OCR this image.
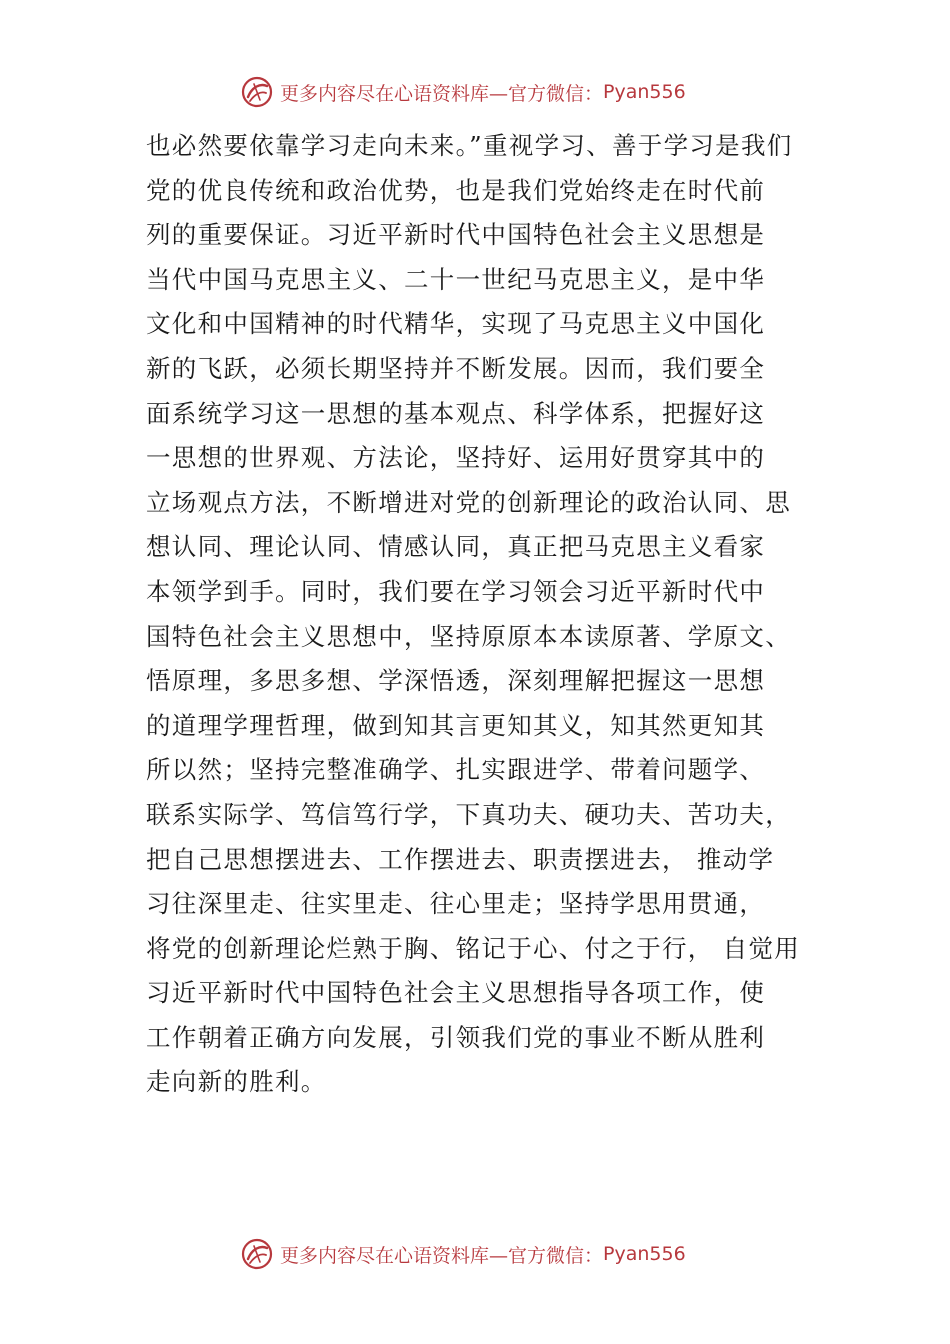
更多内容尽在心语资料库—官方微信： Pyan556
也必然要依靠学习走向未来。”重视学习、善于学习是我们
党的优良传统和政治优势，也是我们党始终走在时代前
列的重要保证。习近平新时代中国特色社会主义思想是
当代中国马克思主义、二十一世纪马克思主义，是中华
文化和中国精神的时代精华，实现了马克思主义中国化
新的飞跃，必须长期坚持并不断发展。因而，我们要全
面系统学习这一思想的基本观点、科学体系，把握好这
一思想的世界观、方法论，坚持好、运用好贯穿其中的
立场观点方法，不断增进对党的创新理论的政治认同、思
想认同、理论认同、情感认同，真正把马克思主义看家
本领学到手。同时，我们要在学习领会习近平新时代中
国特色社会主义思想中，坚持原原本本读原著、学原文、
悟原理，多思多想、学深悟透，深刻理解把握这一思想
的道理学理哲理，做到知其言更知其义，知其然更知其
所以然；坚持完整准确学、扎实跟进学、带着问题学、
联系实际学、笃信笃行学，下真功夫、硬功夫、苦功夫，
把自己思想摆进去、工作摆进去、职责摆进去， 推动学
习往深里走、往实里走、往心里走；坚持学思用贯通，
将党的创新理论烂熟于胸、铭记于心、付之于行， 自觉用
习近平新时代中国特色社会主义思想指导各项工作，使
工作朝着正确方向发展，引领我们党的事业不断从胜利
走向新的胜利。
更多内容尽在心语资料库—官方微信： Pyan556
